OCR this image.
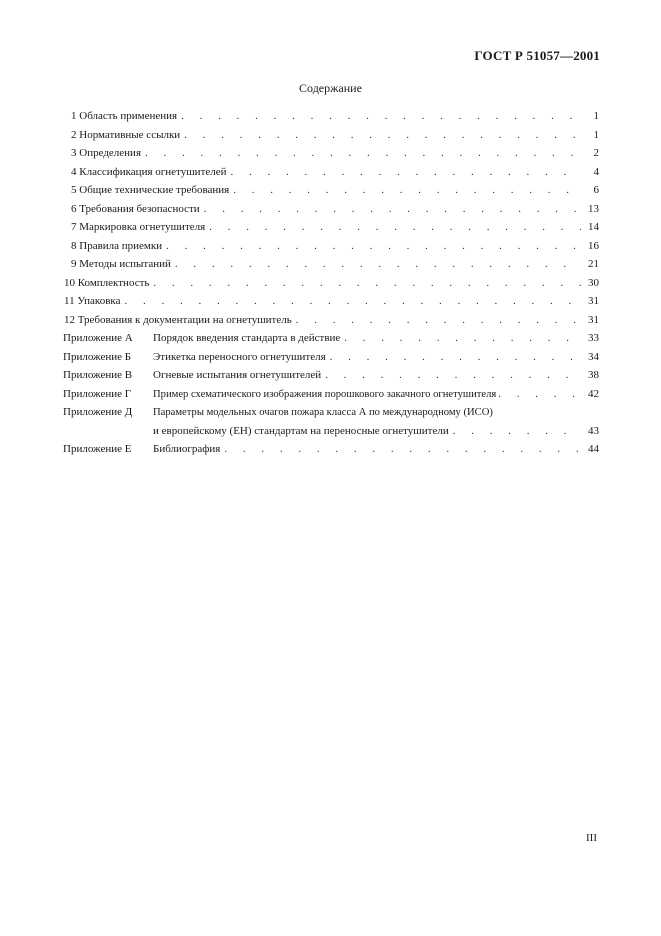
ГОСТ Р 51057—2001
Содержание
1 Область применения . . .	1
2 Нормативные ссылки . . .	1
3 Определения . . .	2
4 Классификация огнетушителей . . .	4
5 Общие технические требования . . .	6
6 Требования безопасности . . .	13
7 Маркировка огнетушителя . . .	14
8 Правила приемки . . .	16
9 Методы испытаний . . .	21
10 Комплектность . . .	30
11 Упаковка . . .	31
12 Требования к документации на огнетушитель . . .	31
Приложение А	Порядок введения стандарта в действие . . .	33
Приложение Б	Этикетка переносного огнетушителя . . .	34
Приложение В	Огневые испытания огнетушителей . . .	38
Приложение Г	Пример схематического изображения порошкового закачного огнетушителя . . .	42
Приложение Д	Параметры модельных очагов пожара класса А по международному (ИСО)
и европейскому (ЕН) стандартам на переносные огнетушители . . .	43
Приложение Е	Библиография . . .	44
III
